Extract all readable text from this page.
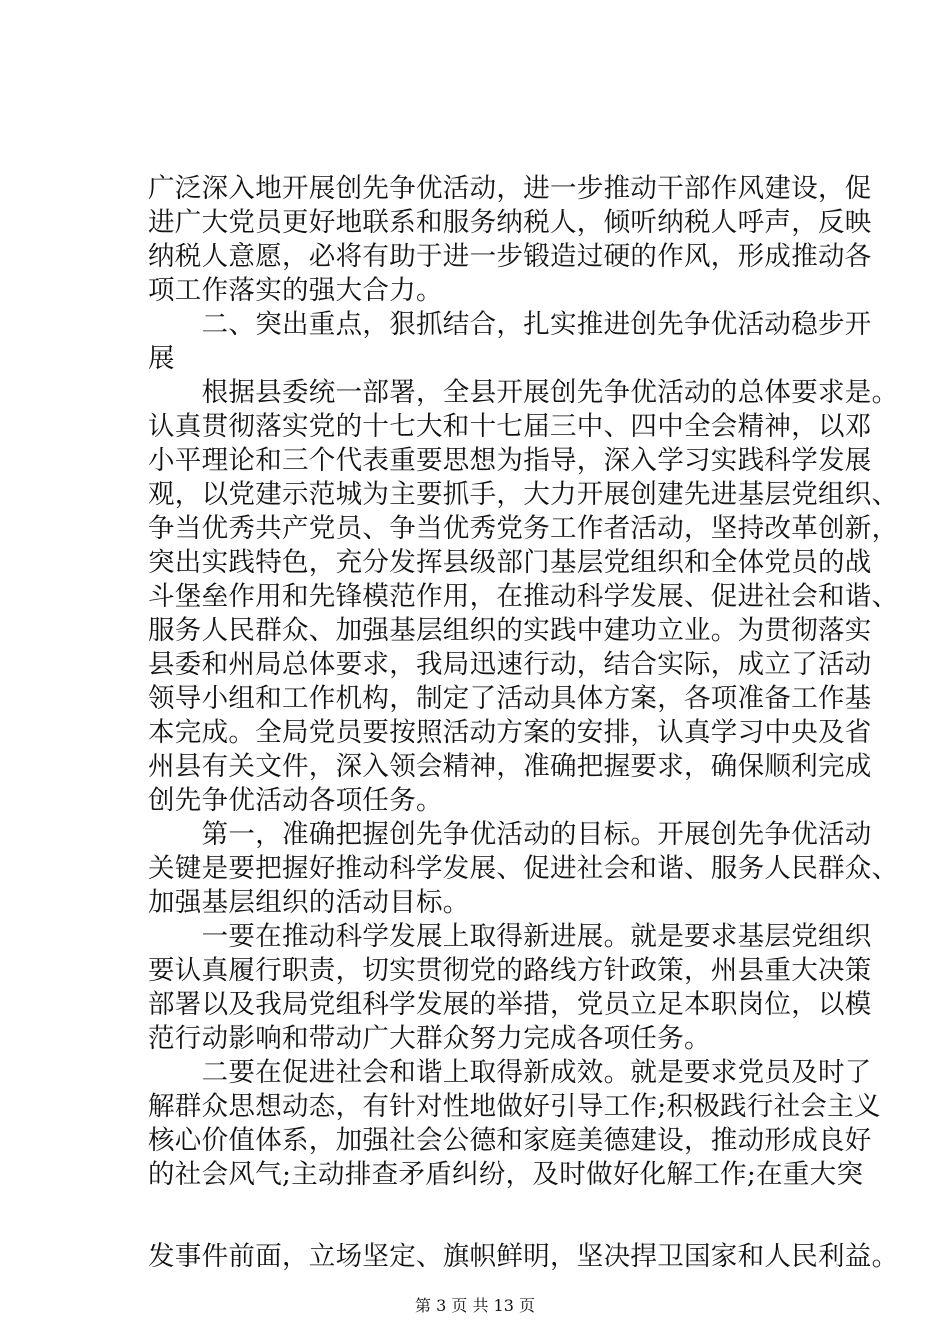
广泛深入地开展创先争优活动，进一步推动干部作风建设，促
进广大党员更好地联系和服务纳税人，倾听纳税人呼声，反映
纳税人意愿，必将有助于进一步锻造过硬的作风，形成推动各
项工作落实的强大合力。
　　二、突出重点，狠抓结合，扎实推进创先争优活动稳步开
展
　　根据县委统一部署，全县开展创先争优活动的总体要求是。
认真贯彻落实党的十七大和十七届三中、四中全会精神，以邓
小平理论和三个代表重要思想为指导，深入学习实践科学发展
观，以党建示范城为主要抓手，大力开展创建先进基层党组织、
争当优秀共产党员、争当优秀党务工作者活动，坚持改革创新，
突出实践特色，充分发挥县级部门基层党组织和全体党员的战
斗堡垒作用和先锋模范作用，在推动科学发展、促进社会和谐、
服务人民群众、加强基层组织的实践中建功立业。为贯彻落实
县委和州局总体要求，我局迅速行动，结合实际，成立了活动
领导小组和工作机构，制定了活动具体方案，各项准备工作基
本完成。全局党员要按照活动方案的安排，认真学习中央及省
州县有关文件，深入领会精神，准确把握要求，确保顺利完成
创先争优活动各项任务。
　　第一，准确把握创先争优活动的目标。开展创先争优活动
关键是要把握好推动科学发展、促进社会和谐、服务人民群众、
加强基层组织的活动目标。
　　一要在推动科学发展上取得新进展。就是要求基层党组织
要认真履行职责，切实贯彻党的路线方针政策，州县重大决策
部署以及我局党组科学发展的举措，党员立足本职岗位，以模
范行动影响和带动广大群众努力完成各项任务。
　　二要在促进社会和谐上取得新成效。就是要求党员及时了
解群众思想动态，有针对性地做好引导工作;积极践行社会主义
核心价值体系，加强社会公德和家庭美德建设，推动形成良好
的社会风气;主动排查矛盾纠纷，及时做好化解工作;在重大突
发事件前面，立场坚定、旗帜鲜明，坚决捍卫国家和人民利益。
第 3 页 共 13 页
